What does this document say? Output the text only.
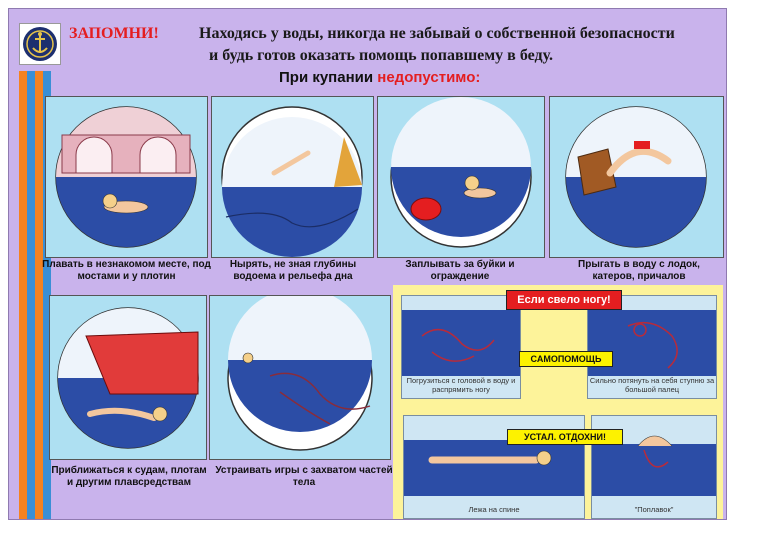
ЗАПОМНИ!	Находясь у воды, никогда не забывай о собственной безопасности
и будь готов оказать помощь попавшему в беду.
При купании недопустимо:
Плавать в незнакомом месте, под мостами и у плотин
Нырять, не зная глубины водоема и рельефа дна
Заплывать за буйки и ограждение
Прыгать в воду с лодок, катеров, причалов
Приближаться к судам, плотам и другим плавсредствам
Устраивать игры с захватом частей тела
Погрузиться с головой в воду и распрямить ногу
Сильно потянуть на себя ступню за большой палец
Если свело ногу!
САМОПОМОЩЬ
Лежа на спине	"Поплавок"
УСТАЛ. ОТДОХНИ!
